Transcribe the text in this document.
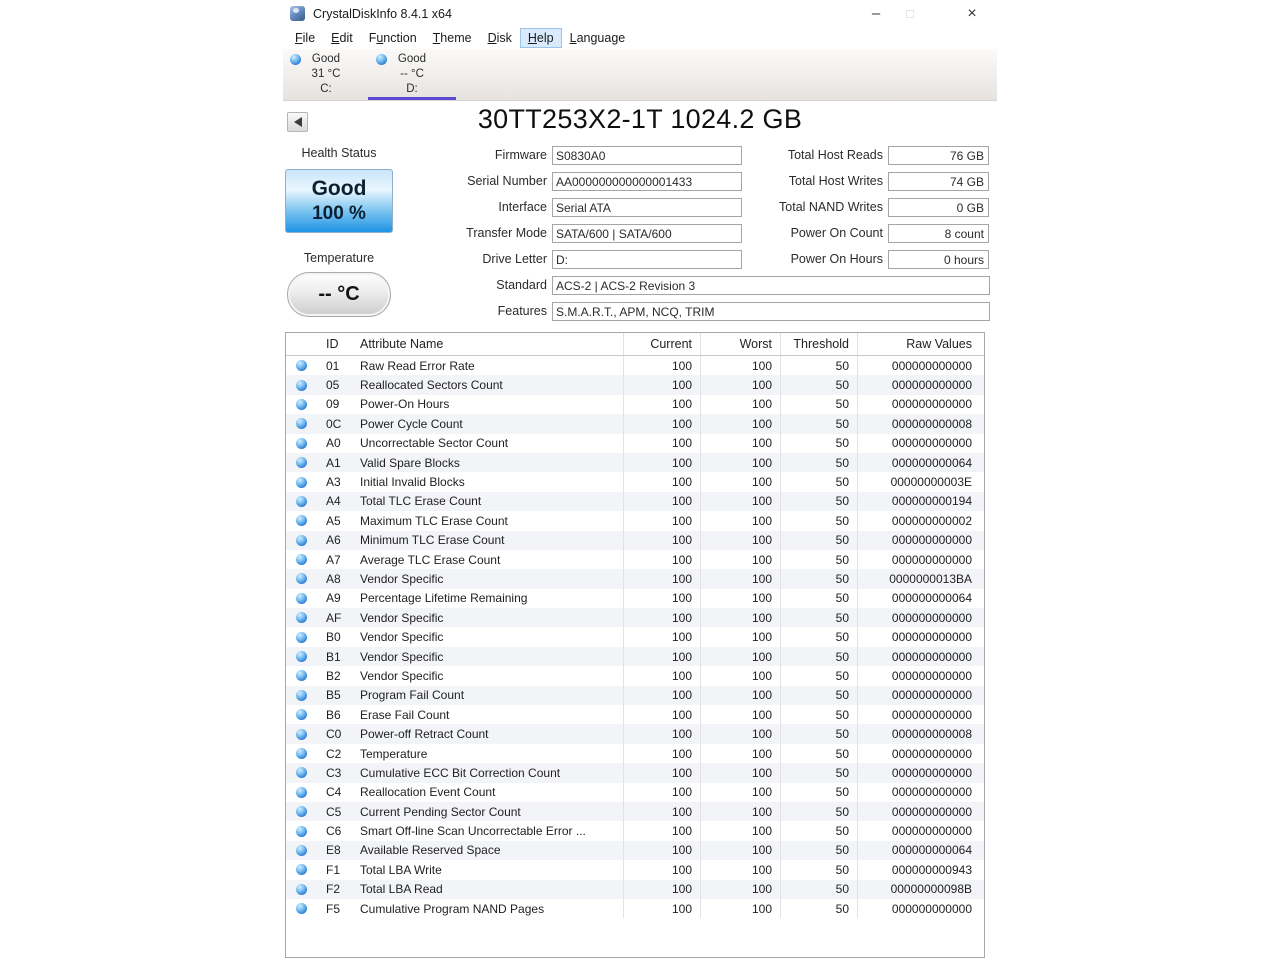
CrystalDiskInfo 8.4.1 x64	–	□	×
File	Edit	Function	Theme	Disk	Help	Language
Good
31 °C
C:
Good
-- °C
D:
30TT253X2-1T 1024.2 GB
Health Status
Good
100 %
Temperature
-- °C
Firmware S0830A0
Serial Number AA000000000000001433
Interface Serial ATA
Transfer Mode SATA/600 | SATA/600
Drive Letter D:
Total Host Reads	76 GB
Total Host Writes	74 GB
Total NAND Writes	0 GB
Power On Count	8 count
Power On Hours	0 hours
Standard ACS-2 | ACS-2 Revision 3
Features S.M.A.R.T., APM, NCQ, TRIM
ID	Attribute Name	Current	Worst	Threshold	Raw Values
01	Raw Read Error Rate	100	100	50	000000000000
05	Reallocated Sectors Count	100	100	50	000000000000
09	Power-On Hours	100	100	50	000000000000
0C	Power Cycle Count	100	100	50	000000000008
A0	Uncorrectable Sector Count	100	100	50	000000000000
A1	Valid Spare Blocks	100	100	50	000000000064
A3	Initial Invalid Blocks	100	100	50	00000000003E
A4	Total TLC Erase Count	100	100	50	000000000194
A5	Maximum TLC Erase Count	100	100	50	000000000002
A6	Minimum TLC Erase Count	100	100	50	000000000000
A7	Average TLC Erase Count	100	100	50	000000000000
A8	Vendor Specific	100	100	50	0000000013BA
A9	Percentage Lifetime Remaining	100	100	50	000000000064
AF	Vendor Specific	100	100	50	000000000000
B0	Vendor Specific	100	100	50	000000000000
B1	Vendor Specific	100	100	50	000000000000
B2	Vendor Specific	100	100	50	000000000000
B5	Program Fail Count	100	100	50	000000000000
B6	Erase Fail Count	100	100	50	000000000000
C0	Power-off Retract Count	100	100	50	000000000008
C2	Temperature	100	100	50	000000000000
C3	Cumulative ECC Bit Correction Count	100	100	50	000000000000
C4	Reallocation Event Count	100	100	50	000000000000
C5	Current Pending Sector Count	100	100	50	000000000000
C6	Smart Off-line Scan Uncorrectable Error ...	100	100	50	000000000000
E8	Available Reserved Space	100	100	50	000000000064
F1	Total LBA Write	100	100	50	000000000943
F2	Total LBA Read	100	100	50	00000000098B
F5	Cumulative Program NAND Pages	100	100	50	000000000000
